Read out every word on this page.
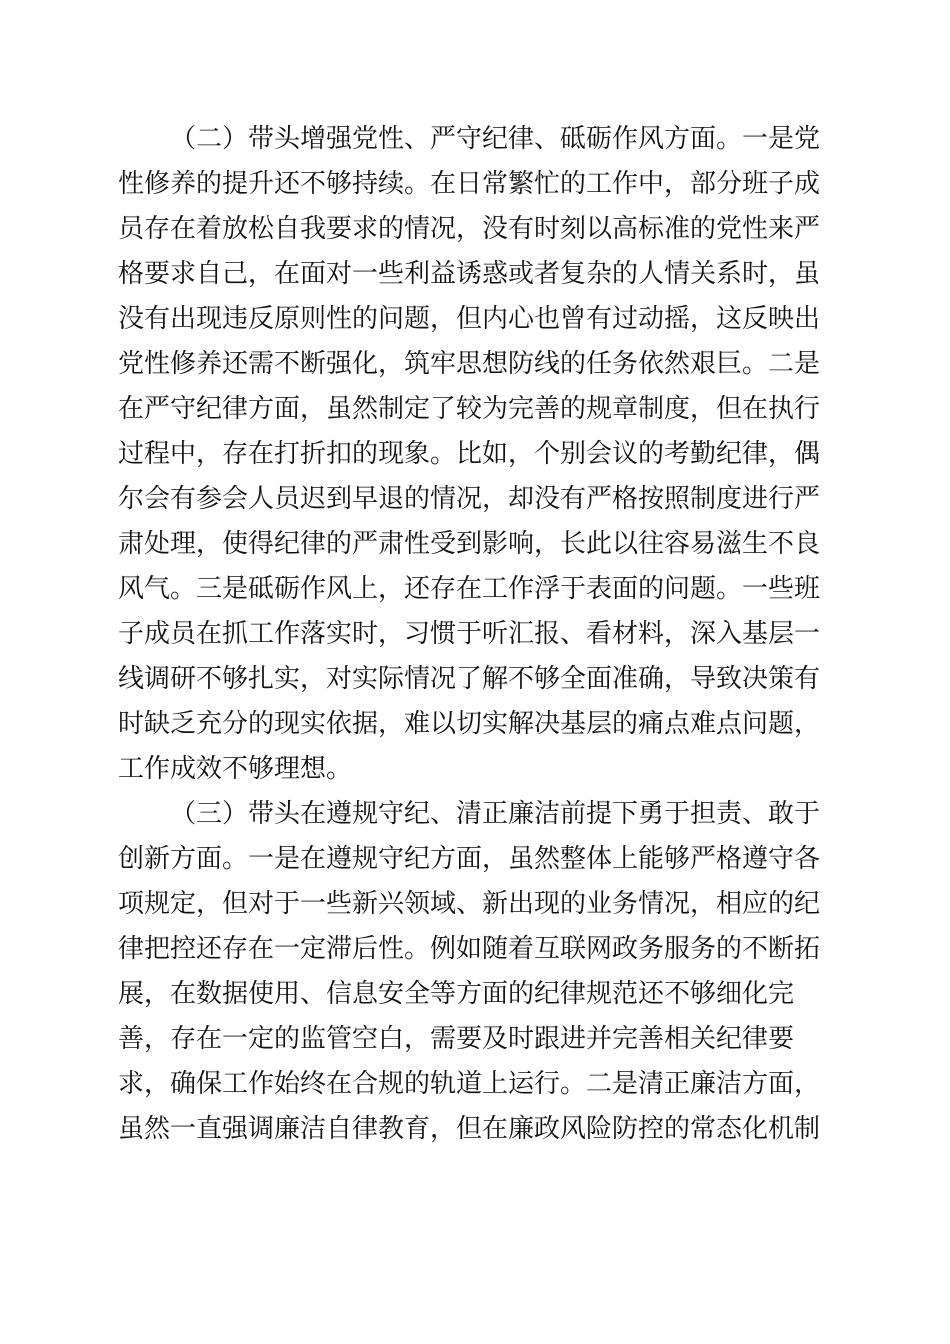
（二）带头增强党性、严守纪律、砥砺作风方面。一是党
性修养的提升还不够持续。在日常繁忙的工作中，部分班子成
员存在着放松自我要求的情况，没有时刻以高标准的党性来严
格要求自己，在面对一些利益诱惑或者复杂的人情关系时，虽
没有出现违反原则性的问题，但内心也曾有过动摇，这反映出
党性修养还需不断强化，筑牢思想防线的任务依然艰巨。二是
在严守纪律方面，虽然制定了较为完善的规章制度，但在执行
过程中，存在打折扣的现象。比如，个别会议的考勤纪律，偶
尔会有参会人员迟到早退的情况，却没有严格按照制度进行严
肃处理，使得纪律的严肃性受到影响，长此以往容易滋生不良
风气。三是砥砺作风上，还存在工作浮于表面的问题。一些班
子成员在抓工作落实时，习惯于听汇报、看材料，深入基层一
线调研不够扎实，对实际情况了解不够全面准确，导致决策有
时缺乏充分的现实依据，难以切实解决基层的痛点难点问题，
工作成效不够理想。
（三）带头在遵规守纪、清正廉洁前提下勇于担责、敢于
创新方面。一是在遵规守纪方面，虽然整体上能够严格遵守各
项规定，但对于一些新兴领域、新出现的业务情况，相应的纪
律把控还存在一定滞后性。例如随着互联网政务服务的不断拓
展，在数据使用、信息安全等方面的纪律规范还不够细化完
善，存在一定的监管空白，需要及时跟进并完善相关纪律要
求，确保工作始终在合规的轨道上运行。二是清正廉洁方面，
虽然一直强调廉洁自律教育，但在廉政风险防控的常态化机制
